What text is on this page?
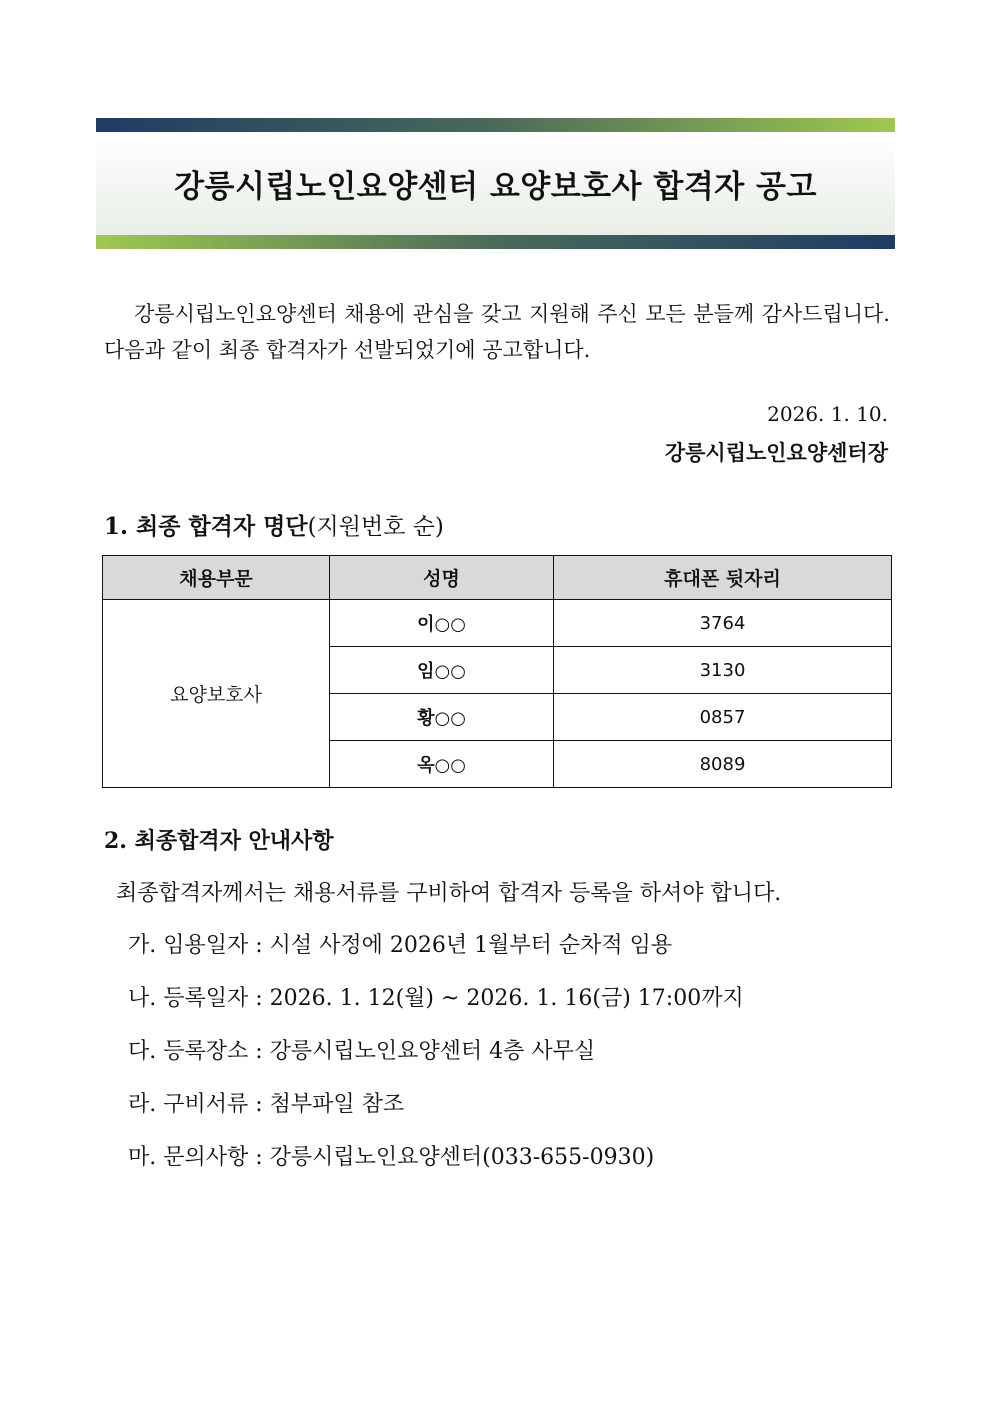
강릉시립노인요양센터 요양보호사 합격자 공고

강릉시립노인요양센터 채용에 관심을 갖고 지원해 주신 모든 분들께 감사드립니다. 다음과 같이 최종 합격자가 선발되었기에 공고합니다.

2026. 1. 10.
강릉시립노인요양센터장
1. 최종 합격자 명단(지원번호 순)
채용부문	성명	휴대폰 뒷자리
요양보호사	이○○	3764
	임○○	3130
	황○○	0857
	옥○○	8089
2. 최종합격자 안내사항
최종합격자께서는 채용서류를 구비하여 합격자 등록을 하셔야 합니다.
가. 임용일자 : 시설 사정에 2026년 1월부터 순차적 임용
나. 등록일자 : 2026. 1. 12(월) ~ 2026. 1. 16(금) 17:00까지
다. 등록장소 : 강릉시립노인요양센터 4층 사무실
라. 구비서류 : 첨부파일 참조
마. 문의사항 : 강릉시립노인요양센터(033-655-0930)
